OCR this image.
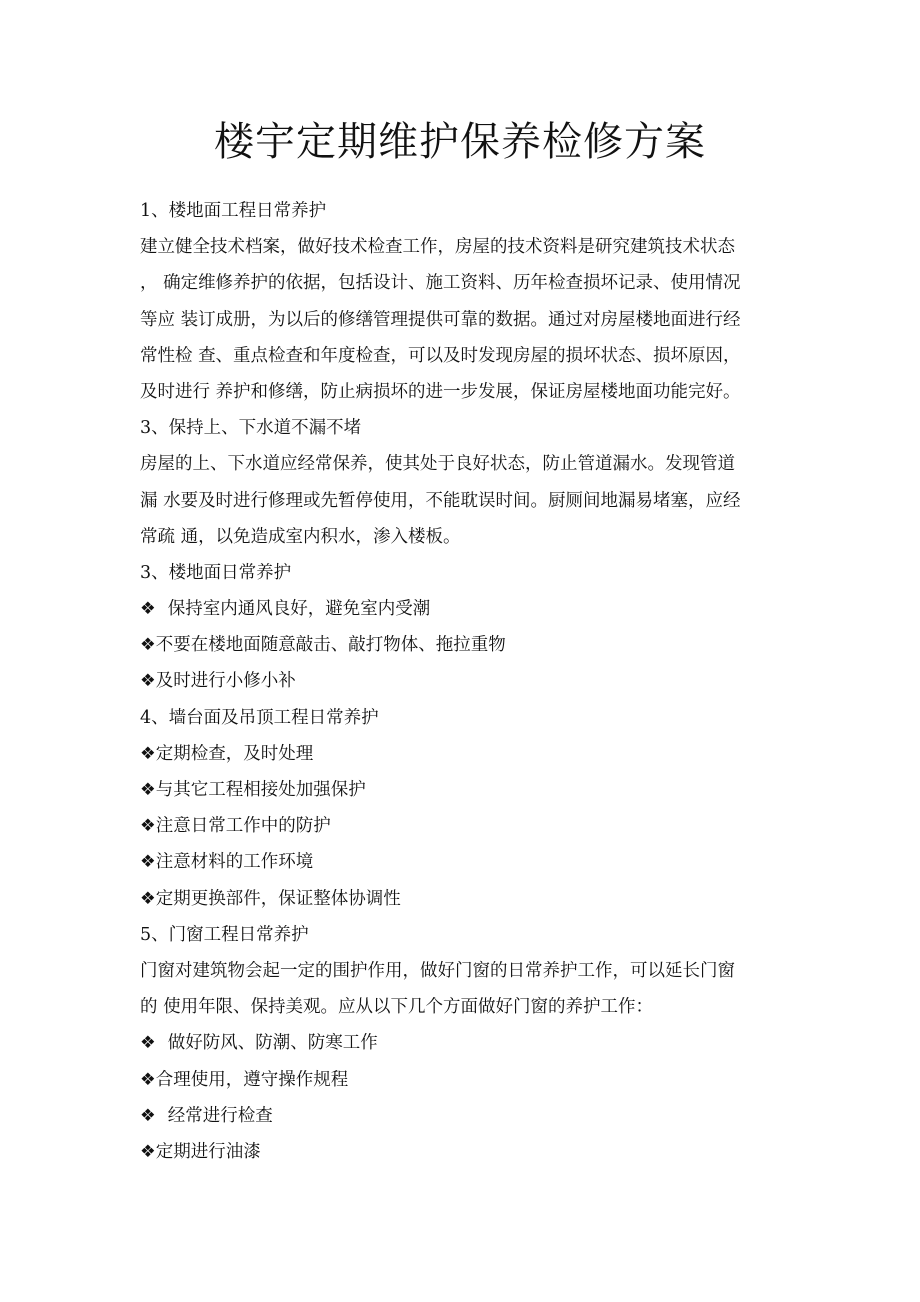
楼宇定期维护保养检修方案

1、楼地面工程日常养护

建立健全技术档案，做好技术检查工作，房屋的技术资料是研究建筑技术状态

， 确定维修养护的依据，包括设计、施工资料、历年检查损坏记录、使用情况

等应 装订成册，为以后的修缮管理提供可靠的数据。通过对房屋楼地面进行经

常性检 查、重点检查和年度检查，可以及时发现房屋的损坏状态、损坏原因，

及时进行 养护和修缮，防止病损坏的进一步发展，保证房屋楼地面功能完好。

3、保持上、下水道不漏不堵

房屋的上、下水道应经常保养，使其处于良好状态，防止管道漏水。发现管道

漏 水要及时进行修理或先暂停使用，不能耽误时间。厨厕间地漏易堵塞，应经

常疏 通，以免造成室内积水，渗入楼板。

3、楼地面日常养护

❖ 保持室内通风良好，避免室内受潮

❖不要在楼地面随意敲击、敲打物体、拖拉重物

❖及时进行小修小补

4、墙台面及吊顶工程日常养护

❖定期检查，及时处理

❖与其它工程相接处加强保护

❖注意日常工作中的防护

❖注意材料的工作环境

❖定期更换部件，保证整体协调性

5、门窗工程日常养护

门窗对建筑物会起一定的围护作用，做好门窗的日常养护工作，可以延长门窗

的 使用年限、保持美观。应从以下几个方面做好门窗的养护工作：

❖ 做好防风、防潮、防寒工作

❖合理使用，遵守操作规程

❖ 经常进行检查

❖定期进行油漆
